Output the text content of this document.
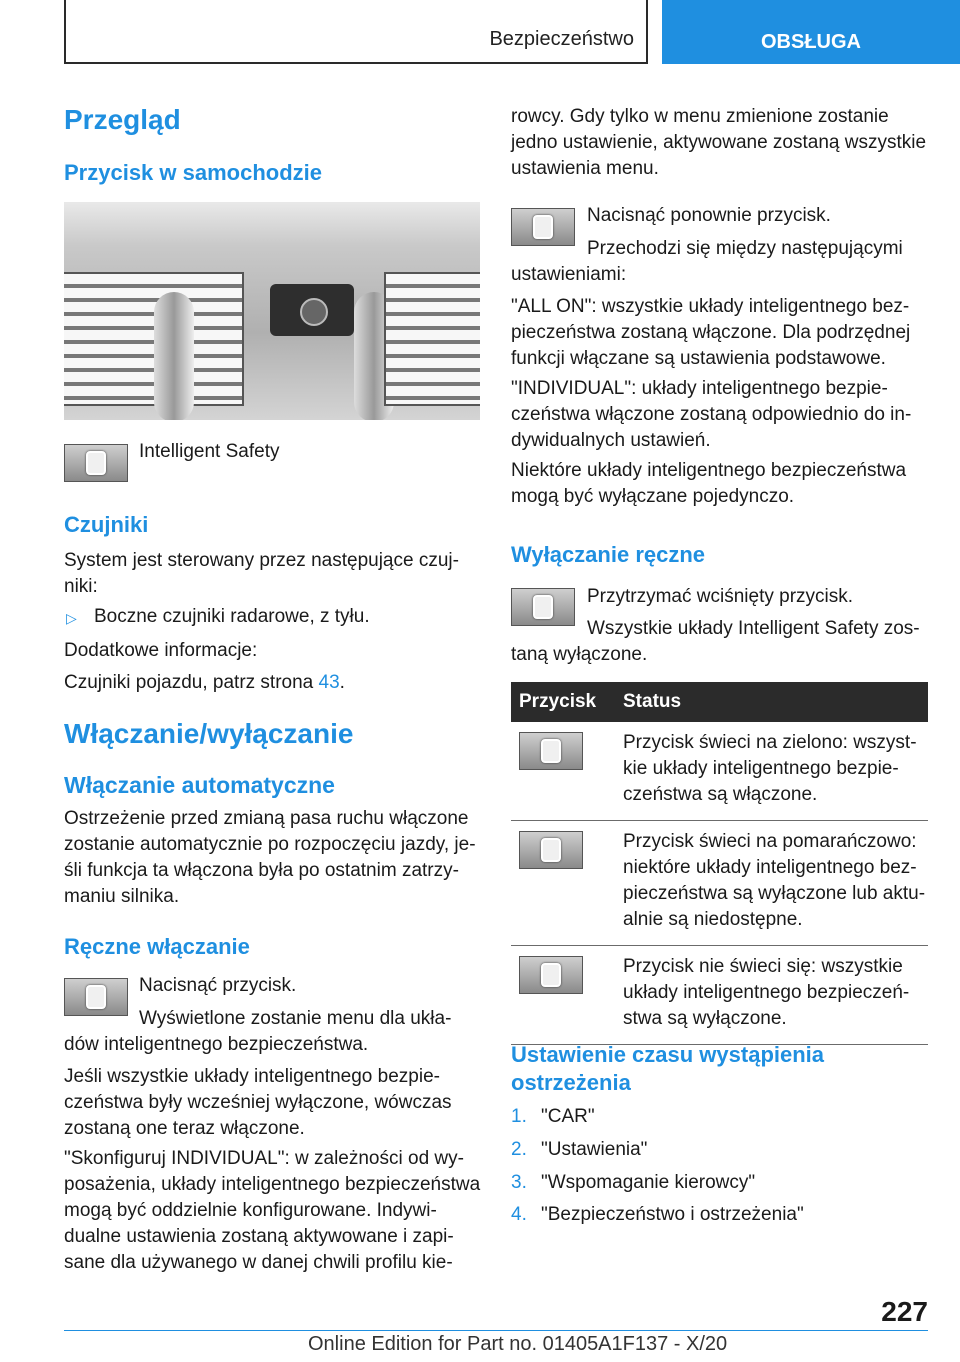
Bezpieczeństwo	OBSŁUGA
Przegląd
Przycisk w samochodzie
Intelligent Safety
Czujniki
System jest sterowany przez następujące czuj-
niki:
▷ Boczne czujniki radarowe, z tyłu.
Dodatkowe informacje:
Czujniki pojazdu, patrz strona 43.
Włączanie/wyłączanie
Włączanie automatyczne
Ostrzeżenie przed zmianą pasa ruchu włączone
zostanie automatycznie po rozpoczęciu jazdy, je-
śli funkcja ta włączona była po ostatnim zatrzy-
maniu silnika.
Ręczne włączanie
Nacisnąć przycisk.
Wyświetlone zostanie menu dla ukła-
dów inteligentnego bezpieczeństwa.
Jeśli wszystkie układy inteligentnego bezpie-
czeństwa były wcześniej wyłączone, wówczas
zostaną one teraz włączone.
"Skonfiguruj INDIVIDUAL": w zależności od wy-
posażenia, układy inteligentnego bezpieczeństwa
mogą być oddzielnie konfigurowane. Indywi-
dualne ustawienia zostaną aktywowane i zapi-
sane dla używanego w danej chwili profilu kie-
rowcy. Gdy tylko w menu zmienione zostanie
jedno ustawienie, aktywowane zostaną wszystkie
ustawienia menu.
Nacisnąć ponownie przycisk.
Przechodzi się między następującymi
ustawieniami:
"ALL ON": wszystkie układy inteligentnego bez-
pieczeństwa zostaną włączone. Dla podrzędnej
funkcji włączane są ustawienia podstawowe.
"INDIVIDUAL": układy inteligentnego bezpie-
czeństwa włączone zostaną odpowiednio do in-
dywidualnych ustawień.
Niektóre układy inteligentnego bezpieczeństwa
mogą być wyłączane pojedynczo.
Wyłączanie ręczne
Przytrzymać wciśnięty przycisk.
Wszystkie układy Intelligent Safety zos-
taną wyłączone.
Przycisk	Status

	Przycisk świeci na zielono: wszyst-
kie układy inteligentnego bezpie-
czeństwa są włączone.

	Przycisk świeci na pomarańczowo:
niektóre układy inteligentnego bez-
pieczeństwa są wyłączone lub aktu-
alnie są niedostępne.

	Przycisk nie świeci się: wszystkie
układy inteligentnego bezpieczeń-
stwa są wyłączone.
Ustawienie czasu wystąpienia
ostrzeżenia
1. "CAR"
2. "Ustawienia"
3. "Wspomaganie kierowcy"
4. "Bezpieczeństwo i ostrzeżenia"
227
Online Edition for Part no. 01405A1F137 - X/20
